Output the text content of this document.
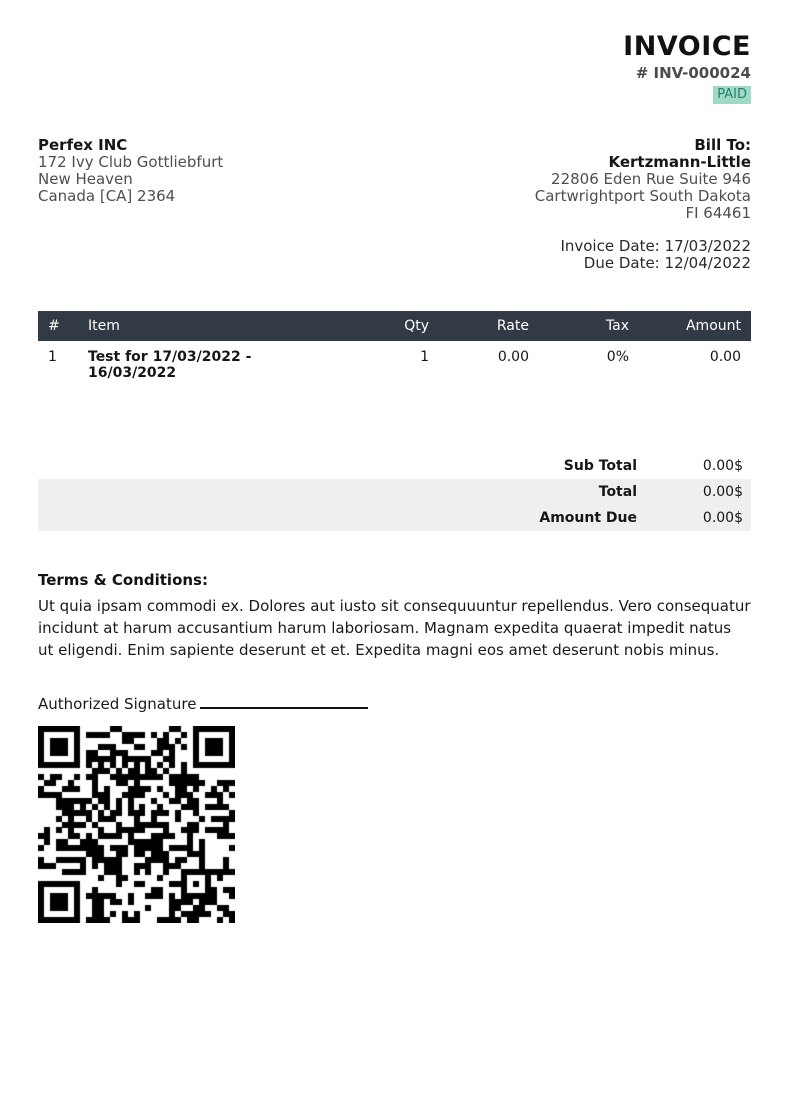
INVOICE
# INV-000024
PAID
Perfex INC
172 Ivy Club Gottliebfurt
New Heaven
Canada [CA] 2364
Bill To:
Kertzmann-Little
22806 Eden Rue Suite 946
Cartwrightport South Dakota
FI 64461
Invoice Date: 17/03/2022
Due Date: 12/04/2022
#	Item	Qty	Rate	Tax	Amount
1	Test for 17/03/2022 - 16/03/2022	1	0.00	0%	0.00
Sub Total	0.00$
Total	0.00$
Amount Due	0.00$
Terms & Conditions:
Ut quia ipsam commodi ex. Dolores aut iusto sit consequuuntur repellendus. Vero consequatur incidunt at harum accusantium harum laboriosam. Magnam expedita quaerat impedit natus ut eligendi. Enim sapiente deserunt et et. Expedita magni eos amet deserunt nobis minus.
Authorized Signature
